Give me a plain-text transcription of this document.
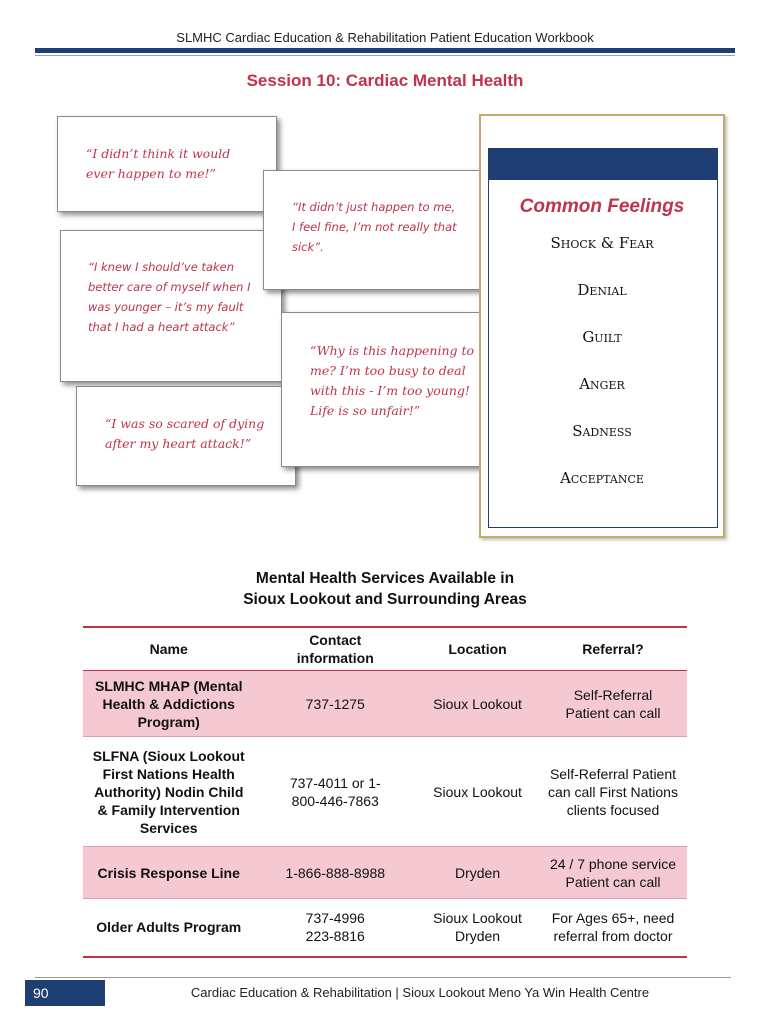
SLMHC Cardiac Education & Rehabilitation Patient Education Workbook
Session 10: Cardiac Mental Health

“I didn’t think it would ever happen to me!”

“I knew I should’ve taken better care of myself when I was younger – it’s my fault that I had a heart attack”

“I was so scared of dying after my heart attack!”

“It didn’t just happen to me, I feel fine, I’m not really that sick”.

“Why is this happening to me? I’m too busy to deal with this - I’m too young! Life is so unfair!”

Common Feelings
Shock & Fear
Denial
Guilt
Anger
Sadness
Acceptance
Mental Health Services Available in
Sioux Lookout and Surrounding Areas
Name	Contact information	Location	Referral?

SLMHC MHAP (Mental Health & Addictions Program)	737-1275	Sioux Lookout	Self-Referral Patient can call

SLFNA (Sioux Lookout First Nations Health Authority) Nodin Child & Family Intervention Services	737-4011 or 1-800-446-7863	Sioux Lookout	Self-Referral Patient can call First Nations clients focused

Crisis Response Line	1-866-888-8988	Dryden	24 / 7 phone service Patient can call

Older Adults Program	737-4996 223-8816	Sioux Lookout Dryden	For Ages 65+, need referral from doctor
90	Cardiac Education & Rehabilitation | Sioux Lookout Meno Ya Win Health Centre
